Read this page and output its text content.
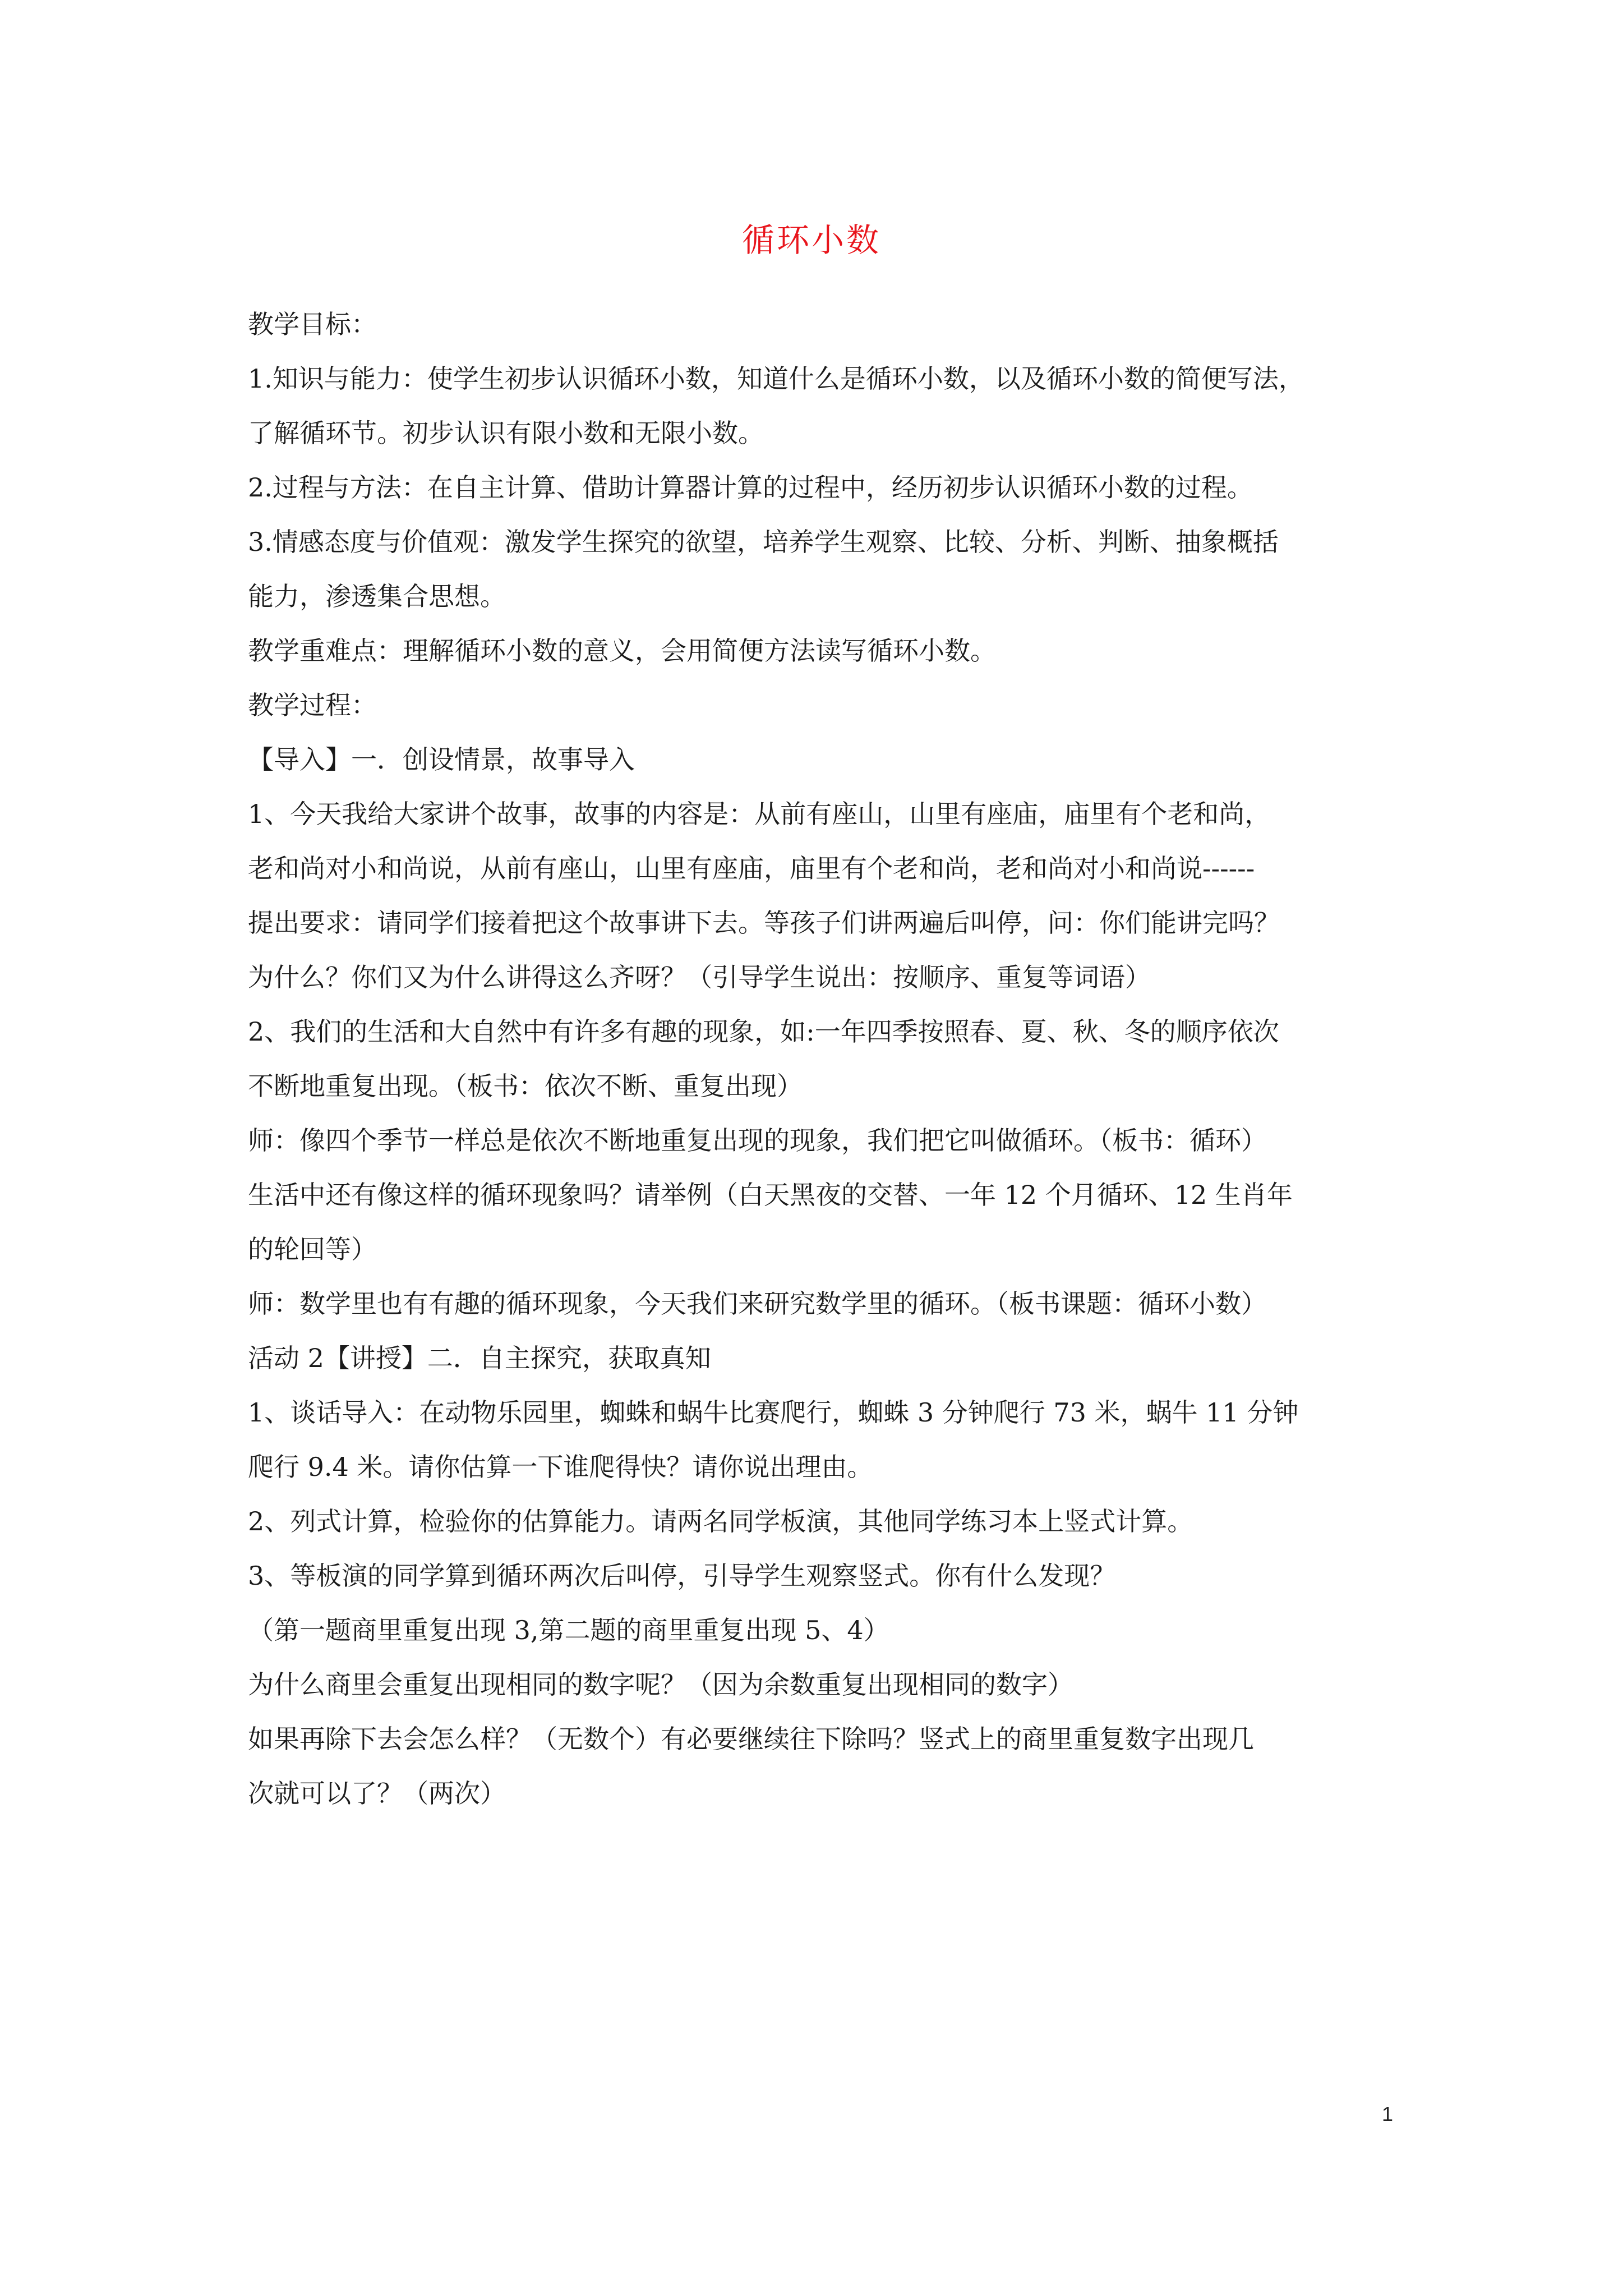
循环小数
教学目标：
1.知识与能力：使学生初步认识循环小数，知道什么是循环小数，以及循环小数的简便写法，
了解循环节。初步认识有限小数和无限小数。
2.过程与方法：在自主计算、借助计算器计算的过程中，经历初步认识循环小数的过程。
3.情感态度与价值观：激发学生探究的欲望，培养学生观察、比较、分析、判断、抽象概括
能力，渗透集合思想。
教学重难点：理解循环小数的意义，会用简便方法读写循环小数。
教学过程：
【导入】一．创设情景，故事导入
1、今天我给大家讲个故事，故事的内容是：从前有座山，山里有座庙，庙里有个老和尚，
老和尚对小和尚说，从前有座山，山里有座庙，庙里有个老和尚，老和尚对小和尚说------
提出要求：请同学们接着把这个故事讲下去。等孩子们讲两遍后叫停，问：你们能讲完吗？
为什么？你们又为什么讲得这么齐呀？（引导学生说出：按顺序、重复等词语）
2、我们的生活和大自然中有许多有趣的现象，如:一年四季按照春、夏、秋、冬的顺序依次
不断地重复出现。（板书：依次不断、重复出现）
师：像四个季节一样总是依次不断地重复出现的现象，我们把它叫做循环。（板书：循环）
生活中还有像这样的循环现象吗？请举例（白天黑夜的交替、一年 12 个月循环、12 生肖年
的轮回等）
师：数学里也有有趣的循环现象，今天我们来研究数学里的循环。（板书课题：循环小数）
活动 2【讲授】二．自主探究，获取真知
1、谈话导入：在动物乐园里，蜘蛛和蜗牛比赛爬行，蜘蛛 3 分钟爬行 73 米，蜗牛 11 分钟
爬行 9.4 米。请你估算一下谁爬得快？请你说出理由。
2、列式计算，检验你的估算能力。请两名同学板演，其他同学练习本上竖式计算。
3、等板演的同学算到循环两次后叫停，引导学生观察竖式。你有什么发现？
（第一题商里重复出现 3,第二题的商里重复出现 5、4）
为什么商里会重复出现相同的数字呢？（因为余数重复出现相同的数字）
如果再除下去会怎么样？（无数个）有必要继续往下除吗？竖式上的商里重复数字出现几
次就可以了？（两次）
1
